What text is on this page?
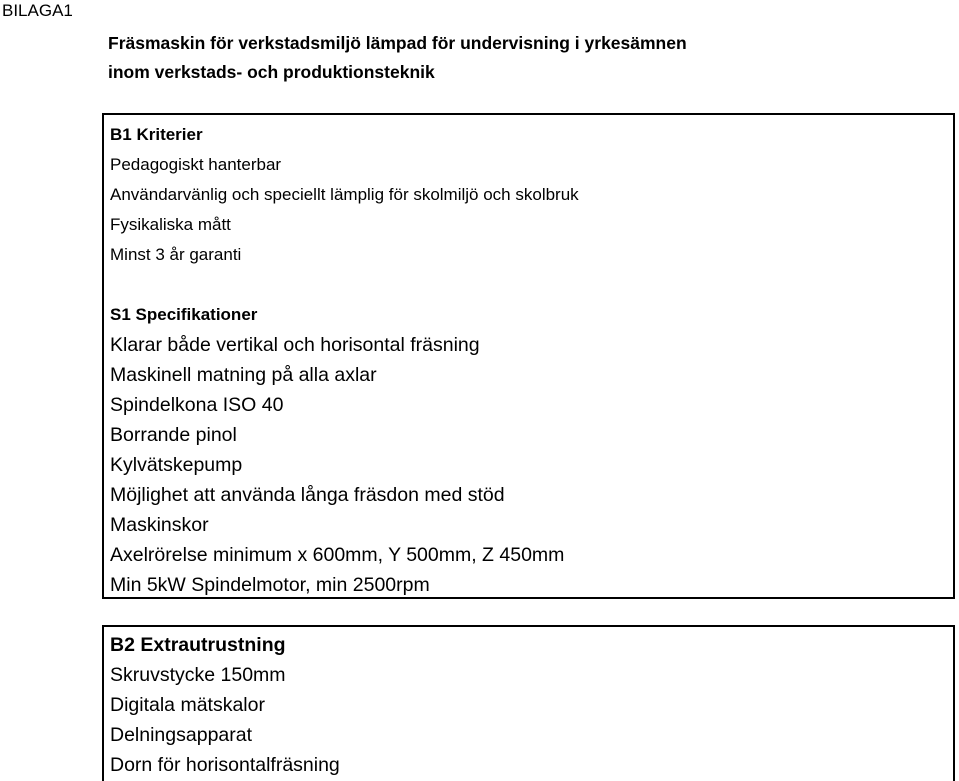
BILAGA1
Fräsmaskin för verkstadsmiljö lämpad för undervisning i yrkesämnen
inom verkstads- och produktionsteknik
B1 Kriterier
Pedagogiskt hanterbar
Användarvänlig och speciellt lämplig för skolmiljö och skolbruk
Fysikaliska mått
Minst 3 år garanti
S1 Specifikationer
Klarar både vertikal och horisontal fräsning
Maskinell matning på alla axlar
Spindelkona ISO 40
Borrande pinol
Kylvätskepump
Möjlighet att använda långa fräsdon med stöd
Maskinskor
Axelrörelse minimum x 600mm, Y 500mm, Z 450mm
Min 5kW Spindelmotor, min 2500rpm
B2 Extrautrustning
Skruvstycke 150mm
Digitala mätskalor
Delningsapparat
Dorn för horisontalfräsning
